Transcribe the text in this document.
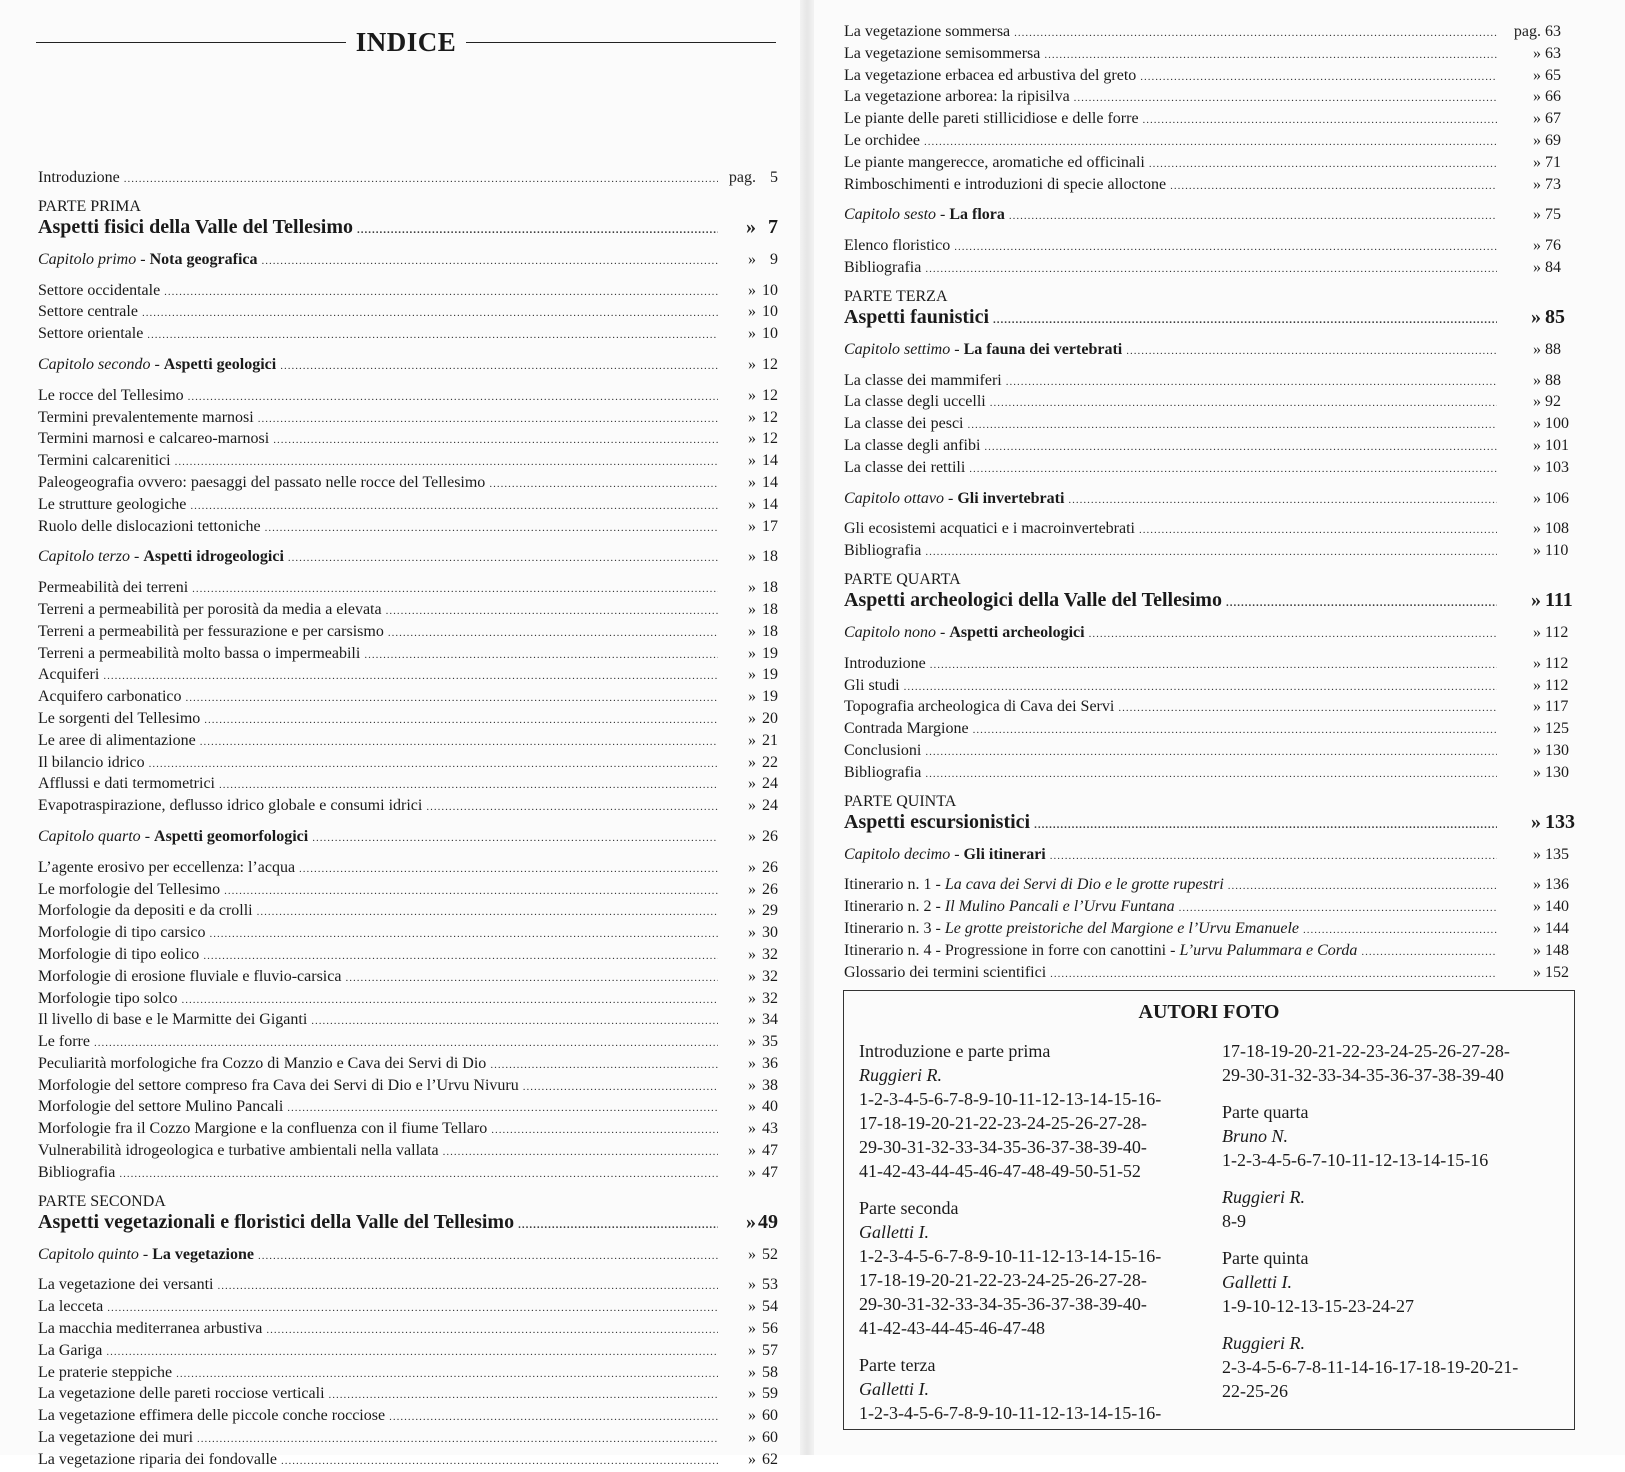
INDICE
Introduzione .....	pag. 5
PARTE PRIMA
Aspetti fisici della Valle del Tellesimo .....	» 7
Capitolo primo - Nota geografica .....	» 9
Settore occidentale .....	» 10
Settore centrale .....	» 10
Settore orientale .....	» 10
Capitolo secondo - Aspetti geologici .....	» 12
Le rocce del Tellesimo .....	» 12
Termini prevalentemente marnosi .....	» 12
Termini marnosi e calcareo-marnosi .....	» 12
Termini calcarenitici .....	» 14
Paleogeografia ovvero: paesaggi del passato nelle rocce del Tellesimo .....	» 14
Le strutture geologiche .....	» 14
Ruolo delle dislocazioni tettoniche .....	» 17
Capitolo terzo - Aspetti idrogeologici .....	» 18
Permeabilità dei terreni .....	» 18
Terreni a permeabilità per porosità da media a elevata .....	» 18
Terreni a permeabilità per fessurazione e per carsismo .....	» 18
Terreni a permeabilità molto bassa o impermeabili .....	» 19
Acquiferi .....	» 19
Acquifero carbonatico .....	» 19
Le sorgenti del Tellesimo .....	» 20
Le aree di alimentazione .....	» 21
Il bilancio idrico .....	» 22
Afflussi e dati termometrici .....	» 24
Evapotraspirazione, deflusso idrico globale e consumi idrici .....	» 24
Capitolo quarto - Aspetti geomorfologici .....	» 26
L’agente erosivo per eccellenza: l’acqua .....	» 26
Le morfologie del Tellesimo .....	» 26
Morfologie da depositi e da crolli .....	» 29
Morfologie di tipo carsico .....	» 30
Morfologie di tipo eolico .....	» 32
Morfologie di erosione fluviale e fluvio-carsica .....	» 32
Morfologie tipo solco .....	» 32
Il livello di base e le Marmitte dei Giganti .....	» 34
Le forre .....	» 35
Peculiarità morfologiche fra Cozzo di Manzio e Cava dei Servi di Dio .....	» 36
Morfologie del settore compreso fra Cava dei Servi di Dio e l’Urvu Nivuru .....	» 38
Morfologie del settore Mulino Pancali .....	» 40
Morfologie fra il Cozzo Margione e la confluenza con il fiume Tellaro .....	» 43
Vulnerabilità idrogeologica e turbative ambientali nella vallata .....	» 47
Bibliografia .....	» 47
PARTE SECONDA
Aspetti vegetazionali e floristici della Valle del Tellesimo .....	» 49
Capitolo quinto - La vegetazione .....	» 52
La vegetazione dei versanti .....	» 53
La lecceta .....	» 54
La macchia mediterranea arbustiva .....	» 56
La Gariga .....	» 57
Le praterie steppiche .....	» 58
La vegetazione delle pareti rocciose verticali .....	» 59
La vegetazione effimera delle piccole conche rocciose .....	» 60
La vegetazione dei muri .....	» 60
La vegetazione riparia dei fondovalle .....	» 62
La vegetazione sommersa .....	pag. 63
La vegetazione semisommersa .....	» 63
La vegetazione erbacea ed arbustiva del greto .....	» 65
La vegetazione arborea: la ripisilva .....	» 66
Le piante delle pareti stillicidiose e delle forre .....	» 67
Le orchidee .....	» 69
Le piante mangerecce, aromatiche ed officinali .....	» 71
Rimboschimenti e introduzioni di specie alloctone .....	» 73
Capitolo sesto - La flora .....	» 75
Elenco floristico .....	» 76
Bibliografia .....	» 84
PARTE TERZA
Aspetti faunistici .....	» 85
Capitolo settimo - La fauna dei vertebrati .....	» 88
La classe dei mammiferi .....	» 88
La classe degli uccelli .....	» 92
La classe dei pesci .....	» 100
La classe degli anfibi .....	» 101
La classe dei rettili .....	» 103
Capitolo ottavo - Gli invertebrati .....	» 106
Gli ecosistemi acquatici e i macroinvertebrati .....	» 108
Bibliografia .....	» 110
PARTE QUARTA
Aspetti archeologici della Valle del Tellesimo .....	» 111
Capitolo nono - Aspetti archeologici .....	» 112
Introduzione .....	» 112
Gli studi .....	» 112
Topografia archeologica di Cava dei Servi .....	» 117
Contrada Margione .....	» 125
Conclusioni .....	» 130
Bibliografia .....	» 130
PARTE QUINTA
Aspetti escursionistici .....	» 133
Capitolo decimo - Gli itinerari .....	» 135
Itinerario n. 1 - La cava dei Servi di Dio e le grotte rupestri .....	» 136
Itinerario n. 2 - Il Mulino Pancali e l’Urvu Funtana .....	» 140
Itinerario n. 3 - Le grotte preistoriche del Margione e l’Urvu Emanuele .....	» 144
Itinerario n. 4 - Progressione in forre con canottini - L’urvu Palummara e Corda .....	» 148
Glossario dei termini scientifici .....	» 152
AUTORI FOTO
Introduzione e parte prima
Ruggieri R.
1-2-3-4-5-6-7-8-9-10-11-12-13-14-15-16-
17-18-19-20-21-22-23-24-25-26-27-28-
29-30-31-32-33-34-35-36-37-38-39-40-
41-42-43-44-45-46-47-48-49-50-51-52
Parte seconda
Galletti I.
1-2-3-4-5-6-7-8-9-10-11-12-13-14-15-16-
17-18-19-20-21-22-23-24-25-26-27-28-
29-30-31-32-33-34-35-36-37-38-39-40-
41-42-43-44-45-46-47-48
Parte terza
Galletti I.
1-2-3-4-5-6-7-8-9-10-11-12-13-14-15-16-
17-18-19-20-21-22-23-24-25-26-27-28-
29-30-31-32-33-34-35-36-37-38-39-40
Parte quarta
Bruno N.
1-2-3-4-5-6-7-10-11-12-13-14-15-16
Ruggieri R.
8-9
Parte quinta
Galletti I.
1-9-10-12-13-15-23-24-27
Ruggieri R.
2-3-4-5-6-7-8-11-14-16-17-18-19-20-21-
22-25-26
